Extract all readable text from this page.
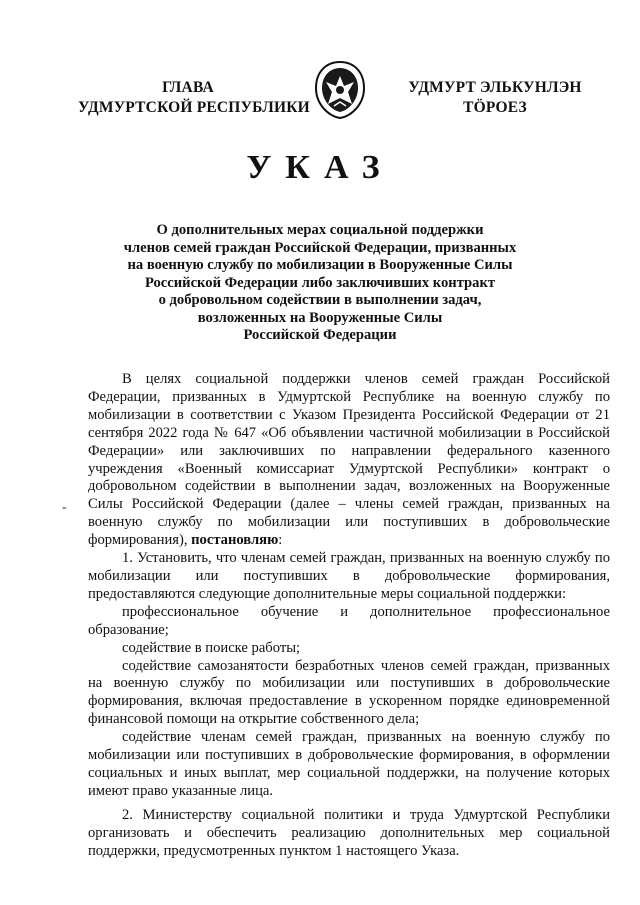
ГЛАВА
УДМУРТСКОЙ РЕСПУБЛИКИ
УДМУРТ ЭЛЬКУНЛЭН
ТӦРОЕЗ
УКАЗ
О дополнительных мерах социальной поддержки
членов семей граждан Российской Федерации, призванных
на военную службу по мобилизации в Вооруженные Силы
Российской Федерации либо заключивших контракт
о добровольном содействии в выполнении задач,
возложенных на Вооруженные Силы
Российской Федерации
-

В целях социальной поддержки членов семей граждан Российской Федерации, призванных в Удмуртской Республике на военную службу по мобилизации в соответствии с Указом Президента Российской Федерации от 21 сентября 2022 года № 647 «Об объявлении частичной мобилизации в Российской Федерации» или заключивших по направлении федерального казенного учреждения «Военный комиссариат Удмуртской Республики» контракт о добровольном содействии в выполнении задач, возложенных на Вооруженные Силы Российской Федерации (далее – члены семей граждан, призванных на военную службу по мобилизации или поступивших в добровольческие формирования), постановляю:

1. Установить, что членам семей граждан, призванных на военную службу по мобилизации или поступивших в добровольческие формирования, предоставляются следующие дополнительные меры социальной поддержки:

профессиональное обучение и дополнительное профессиональное образование;

содействие в поиске работы;

содействие самозанятости безработных членов семей граждан, призванных на военную службу по мобилизации или поступивших в добровольческие формирования, включая предоставление в ускоренном порядке единовременной финансовой помощи на открытие собственного дела;

содействие членам семей граждан, призванных на военную службу по мобилизации или поступивших в добровольческие формирования, в оформлении социальных и иных выплат, мер социальной поддержки, на получение которых имеют право указанные лица.

2. Министерству социальной политики и труда Удмуртской Республики организовать и обеспечить реализацию дополнительных мер социальной поддержки, предусмотренных пунктом 1 настоящего Указа.
